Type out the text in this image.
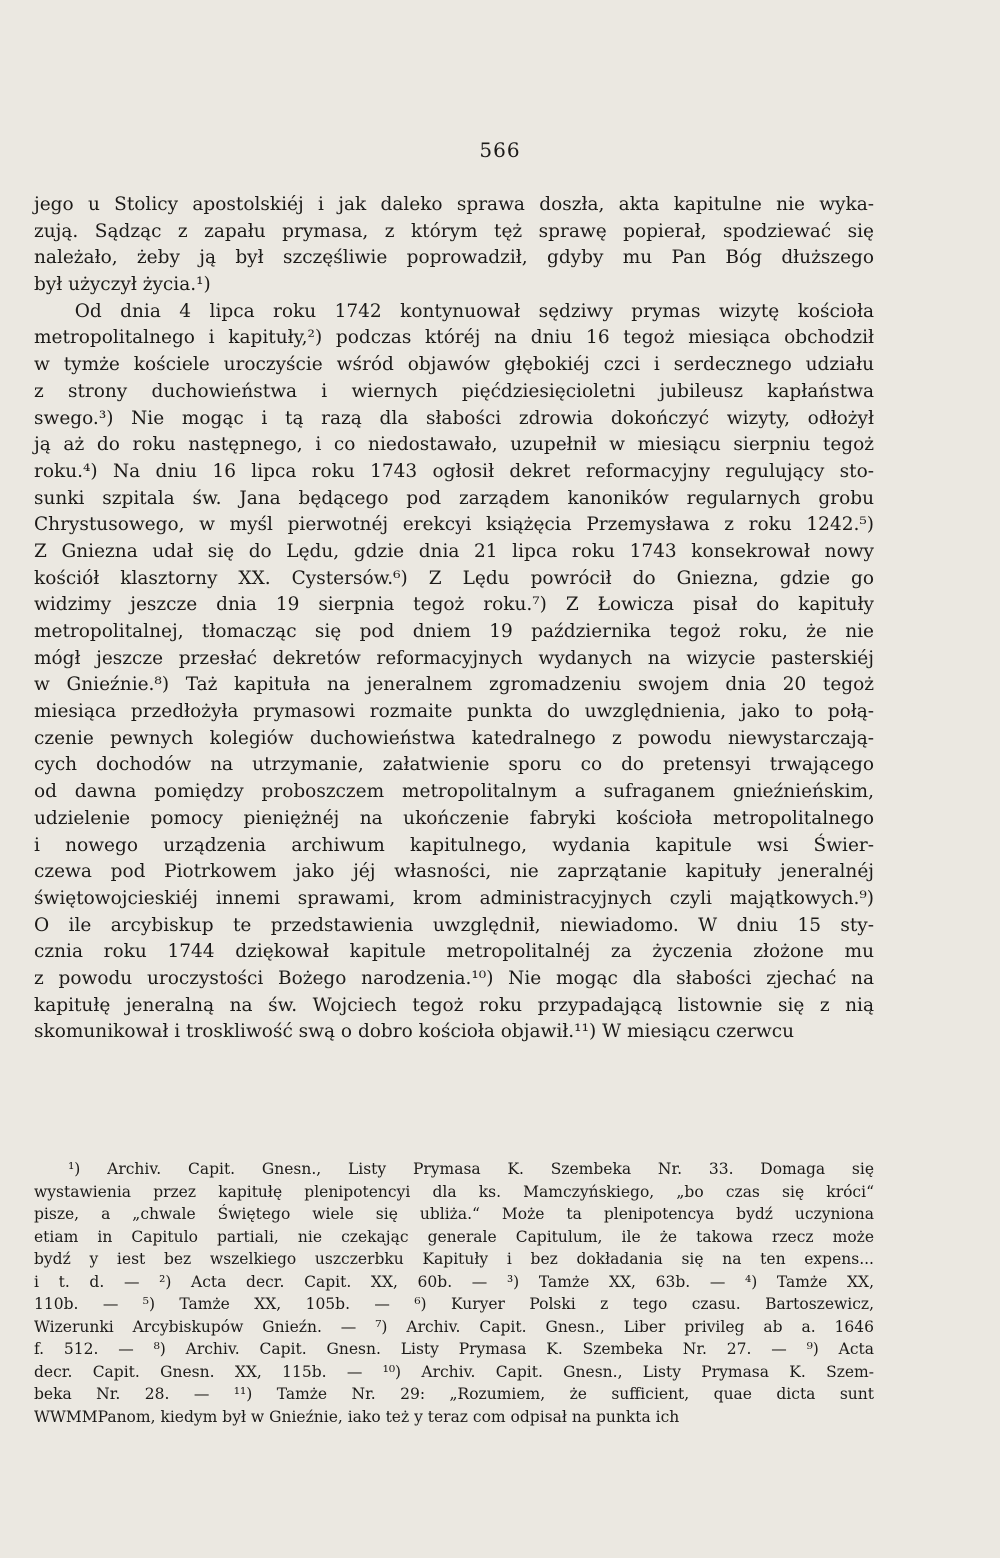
566
jego u Stolicy apostolskiéj i jak daleko sprawa doszła, akta kapitulne nie wyka-
zują. Sądząc z zapału prymasa, z którym tęż sprawę popierał, spodziewać się
należało, żeby ją był szczęśliwie poprowadził, gdyby mu Pan Bóg dłuższego
był użyczył życia.¹)
Od dnia 4 lipca roku 1742 kontynuował sędziwy prymas wizytę kościoła
metropolitalnego i kapituły,²) podczas któréj na dniu 16 tegoż miesiąca obchodził
w tymże kościele uroczyście wśród objawów głębokiéj czci i serdecznego udziału
z strony duchowieństwa i wiernych pięćdziesięcioletni jubileusz kapłaństwa
swego.³) Nie mogąc i tą razą dla słabości zdrowia dokończyć wizyty, odłożył
ją aż do roku następnego, i co niedostawało, uzupełnił w miesiącu sierpniu tegoż
roku.⁴) Na dniu 16 lipca roku 1743 ogłosił dekret reformacyjny regulujący sto-
sunki szpitala św. Jana będącego pod zarządem kanoników regularnych grobu
Chrystusowego, w myśl pierwotnéj erekcyi książęcia Przemysława z roku 1242.⁵)
Z Gniezna udał się do Lędu, gdzie dnia 21 lipca roku 1743 konsekrował nowy
kościół klasztorny XX. Cystersów.⁶) Z Lędu powrócił do Gniezna, gdzie go
widzimy jeszcze dnia 19 sierpnia tegoż roku.⁷) Z Łowicza pisał do kapituły
metropolitalnej, tłomacząc się pod dniem 19 października tegoż roku, że nie
mógł jeszcze przesłać dekretów reformacyjnych wydanych na wizycie pasterskiéj
w Gnieźnie.⁸) Taż kapituła na jeneralnem zgromadzeniu swojem dnia 20 tegoż
miesiąca przedłożyła prymasowi rozmaite punkta do uwzględnienia, jako to połą-
czenie pewnych kolegiów duchowieństwa katedralnego z powodu niewystarczają-
cych dochodów na utrzymanie, załatwienie sporu co do pretensyi trwającego
od dawna pomiędzy proboszczem metropolitalnym a sufraganem gnieźnieńskim,
udzielenie pomocy pieniężnéj na ukończenie fabryki kościoła metropolitalnego
i nowego urządzenia archiwum kapitulnego, wydania kapitule wsi Świer-
czewa pod Piotrkowem jako jéj własności, nie zaprzątanie kapituły jeneralnéj
świętowojcieskiéj innemi sprawami, krom administracyjnych czyli majątkowych.⁹)
O ile arcybiskup te przedstawienia uwzględnił, niewiadomo. W dniu 15 sty-
cznia roku 1744 dziękował kapitule metropolitalnéj za życzenia złożone mu
z powodu uroczystości Bożego narodzenia.¹⁰) Nie mogąc dla słabości zjechać na
kapitułę jeneralną na św. Wojciech tegoż roku przypadającą listownie się z nią
skomunikował i troskliwość swą o dobro kościoła objawił.¹¹) W miesiącu czerwcu
¹) Archiv. Capit. Gnesn., Listy Prymasa K. Szembeka Nr. 33. Domaga się
wystawienia przez kapitułę plenipotencyi dla ks. Mamczyńskiego, „bo czas się króci“
pisze, a „chwale Świętego wiele się ubliża.“ Może ta plenipotencya bydź uczyniona
etiam in Capitulo partiali, nie czekając generale Capitulum, ile że takowa rzecz może
bydź y iest bez wszelkiego uszczerbku Kapituły i bez dokładania się na ten expens...
i t. d. — ²) Acta decr. Capit. XX, 60b. — ³) Tamże XX, 63b. — ⁴) Tamże XX,
110b. — ⁵) Tamże XX, 105b. — ⁶) Kuryer Polski z tego czasu. Bartoszewicz,
Wizerunki Arcybiskupów Gnieźn. — ⁷) Archiv. Capit. Gnesn., Liber privileg ab a. 1646
f. 512. — ⁸) Archiv. Capit. Gnesn. Listy Prymasa K. Szembeka Nr. 27. — ⁹) Acta
decr. Capit. Gnesn. XX, 115b. — ¹⁰) Archiv. Capit. Gnesn., Listy Prymasa K. Szem-
beka Nr. 28. — ¹¹) Tamże Nr. 29: „Rozumiem, że sufficient, quae dicta sunt
WWMMPanom, kiedym był w Gnieźnie, iako też y teraz com odpisał na punkta ich
